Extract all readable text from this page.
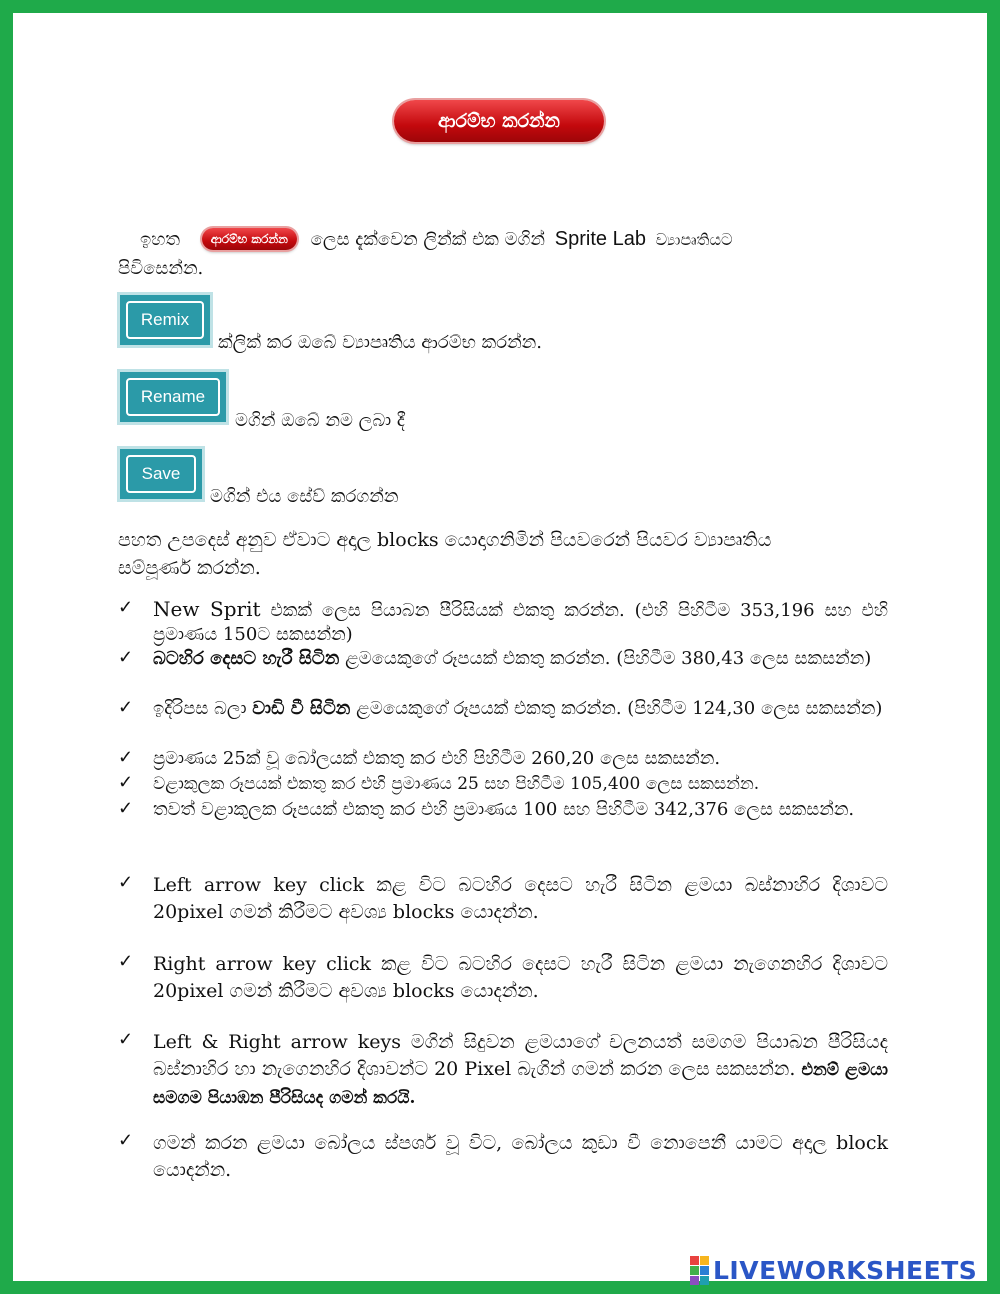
ආරම්භ කරන්න
ඉහත	ආරම්භ කරන්න ලෙස දැක්වෙන ලින්ක් එක මගින් Sprite Lab ව්‍යාපෘතියට
පිවිසෙන්න.
Remix
ක්ලික් කර ඔබේ ව්‍යාපෘතිය ආරම්භ කරන්න.
Rename
මගින් ඔබේ නම ලබා දී
Save
මගින් එය සේව් කරගන්න
පහත උපදෙස් අනුව ඒවාට අදාල blocks යොදාගනිමින් පියවරෙන් පියවර ව්‍යාපෘතිය
සම්පූර්ණ කරන්න.
✓ New Sprit එකක් ලෙස පියාබන පීරිසියක් එකතු කරන්න. (එහි පිහිටීම 353,196 සහ එහි ප්‍රමාණය 150ට සකසන්න)
✓	බටහිර දෙසට හැරී සිටින ළමයෙකුගේ රූපයක් එකතු කරන්න. (පිහිටීම 380,43 ලෙස සකසන්න)
✓	ඉදිරිපස බලා වාඩි වී සිටින ළමයෙකුගේ රූපයක් එකතු කරන්න. (පිහිටීම 124,30 ලෙස සකසන්න)
✓	ප්‍රමාණය 25ක් වූ බෝලයක් එකතු කර එහි පිහිටීම 260,20 ලෙස සකසන්න.
✓	වළාකුලක රූපයක් එකතු කර එහි ප්‍රමාණය 25 සහ පිහිටීම 105,400 ලෙස සකසන්න.
✓	තවත් වළාකුලක රූපයක් එකතු කර එහි ප්‍රමාණය 100 සහ පිහිටීම 342,376 ලෙස සකසන්න.
✓	Left arrow key click කළ විට බටහිර දෙසට හැරී සිටින ළමයා බස්නාහිර දිශාවට 20pixel ගමන් කිරීමට අවශ්‍ය blocks යොදන්න.
✓	Right arrow key click කළ විට බටහිර දෙසට හැරී සිටින ළමයා නැගෙනහිර දිශාවට 20pixel ගමන් කිරීමට අවශ්‍ය blocks යොදන්න.
✓	Left & Right arrow keys මගින් සිදුවන ළමයාගේ චලනයත් සමගම පියාබන පීරිසියද බස්නාහිර හා නැගෙනහිර දිශාවන්ට 20 Pixel බැගින් ගමන් කරන ලෙස සකසන්න. එනම් ළමයා සමගම පියාඹන පීරිසියද ගමන් කරයි.
✓	ගමන් කරන ළමයා බෝලය ස්පර්ශ වූ විට, බෝලය කුඩා වී නොපෙනී යාමට අදාල block යොදන්න.
LIVEWORKSHEETS
